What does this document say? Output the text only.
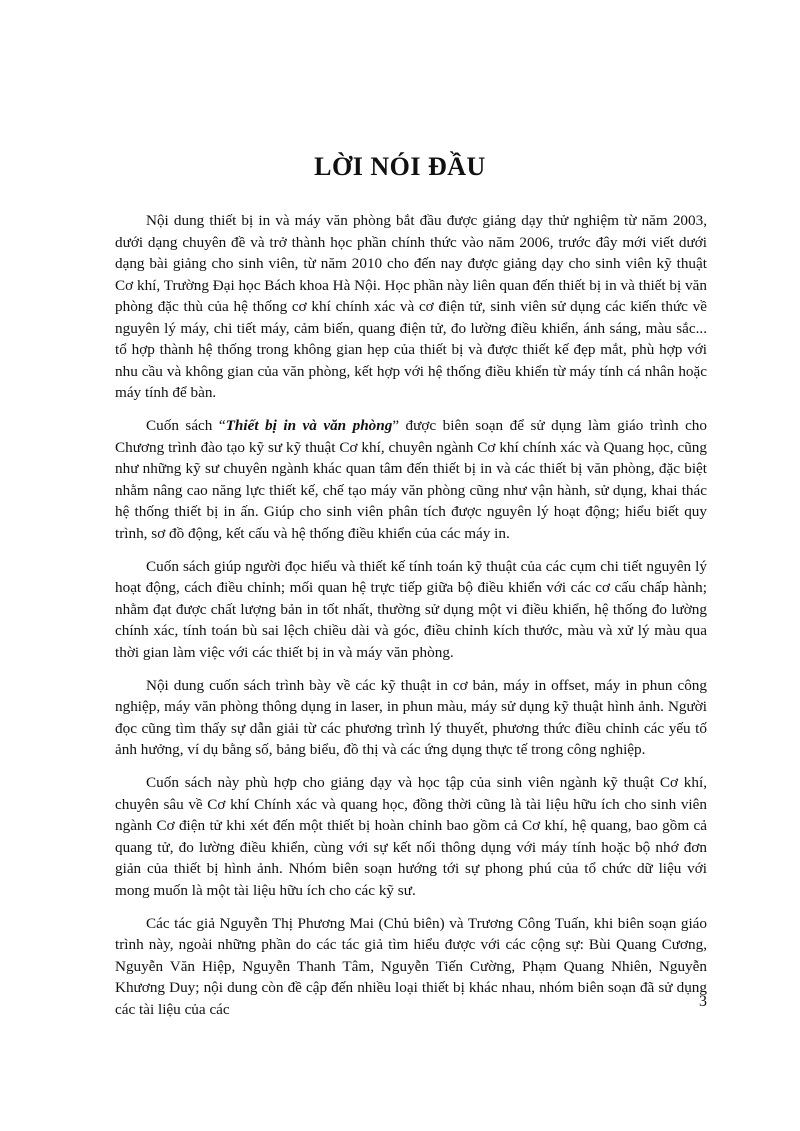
LỜI NÓI ĐẦU

Nội dung thiết bị in và máy văn phòng bắt đầu được giảng dạy thử nghiệm từ năm 2003, dưới dạng chuyên đề và trở thành học phần chính thức vào năm 2006, trước đây mới viết dưới dạng bài giảng cho sinh viên, từ năm 2010 cho đến nay được giảng dạy cho sinh viên kỹ thuật Cơ khí, Trường Đại học Bách khoa Hà Nội. Học phần này liên quan đến thiết bị in và thiết bị văn phòng đặc thù của hệ thống cơ khí chính xác và cơ điện tử, sinh viên sử dụng các kiến thức về nguyên lý máy, chi tiết máy, cảm biến, quang điện tử, đo lường điều khiển, ánh sáng, màu sắc... tổ hợp thành hệ thống trong không gian hẹp của thiết bị và được thiết kế đẹp mắt, phù hợp với nhu cầu và không gian của văn phòng, kết hợp với hệ thống điều khiển từ máy tính cá nhân hoặc máy tính để bàn.

Cuốn sách “Thiết bị in và văn phòng” được biên soạn để sử dụng làm giáo trình cho Chương trình đào tạo kỹ sư kỹ thuật Cơ khí, chuyên ngành Cơ khí chính xác và Quang học, cũng như những kỹ sư chuyên ngành khác quan tâm đến thiết bị in và các thiết bị văn phòng, đặc biệt nhằm nâng cao năng lực thiết kế, chế tạo máy văn phòng cũng như vận hành, sử dụng, khai thác hệ thống thiết bị in ấn. Giúp cho sinh viên phân tích được nguyên lý hoạt động; hiểu biết quy trình, sơ đồ động, kết cấu và hệ thống điều khiển của các máy in.

Cuốn sách giúp người đọc hiểu và thiết kế tính toán kỹ thuật của các cụm chi tiết nguyên lý hoạt động, cách điều chỉnh; mối quan hệ trực tiếp giữa bộ điều khiển với các cơ cấu chấp hành; nhằm đạt được chất lượng bản in tốt nhất, thường sử dụng một vi điều khiển, hệ thống đo lường chính xác, tính toán bù sai lệch chiều dài và góc, điều chỉnh kích thước, màu và xử lý màu qua thời gian làm việc với các thiết bị in và máy văn phòng.

Nội dung cuốn sách trình bày về các kỹ thuật in cơ bản, máy in offset, máy in phun công nghiệp, máy văn phòng thông dụng in laser, in phun màu, máy sử dụng kỹ thuật hình ảnh. Người đọc cũng tìm thấy sự dẫn giải từ các phương trình lý thuyết, phương thức điều chỉnh các yếu tố ảnh hưởng, ví dụ bằng số, bảng biểu, đồ thị và các ứng dụng thực tế trong công nghiệp.

Cuốn sách này phù hợp cho giảng dạy và học tập của sinh viên ngành kỹ thuật Cơ khí, chuyên sâu về Cơ khí Chính xác và quang học, đồng thời cũng là tài liệu hữu ích cho sinh viên ngành Cơ điện tử khi xét đến một thiết bị hoàn chỉnh bao gồm cả Cơ khí, hệ quang, bao gồm cả quang tử, đo lường điều khiển, cùng với sự kết nối thông dụng với máy tính hoặc bộ nhớ đơn giản của thiết bị hình ảnh. Nhóm biên soạn hướng tới sự phong phú của tổ chức dữ liệu với mong muốn là một tài liệu hữu ích cho các kỹ sư.

Các tác giả Nguyễn Thị Phương Mai (Chủ biên) và Trương Công Tuấn, khi biên soạn giáo trình này, ngoài những phần do các tác giả tìm hiểu được với các cộng sự: Bùi Quang Cương, Nguyễn Văn Hiệp, Nguyễn Thanh Tâm, Nguyễn Tiến Cường, Phạm Quang Nhiên, Nguyễn Khương Duy; nội dung còn đề cập đến nhiều loại thiết bị khác nhau, nhóm biên soạn đã sử dụng các tài liệu của các	3
